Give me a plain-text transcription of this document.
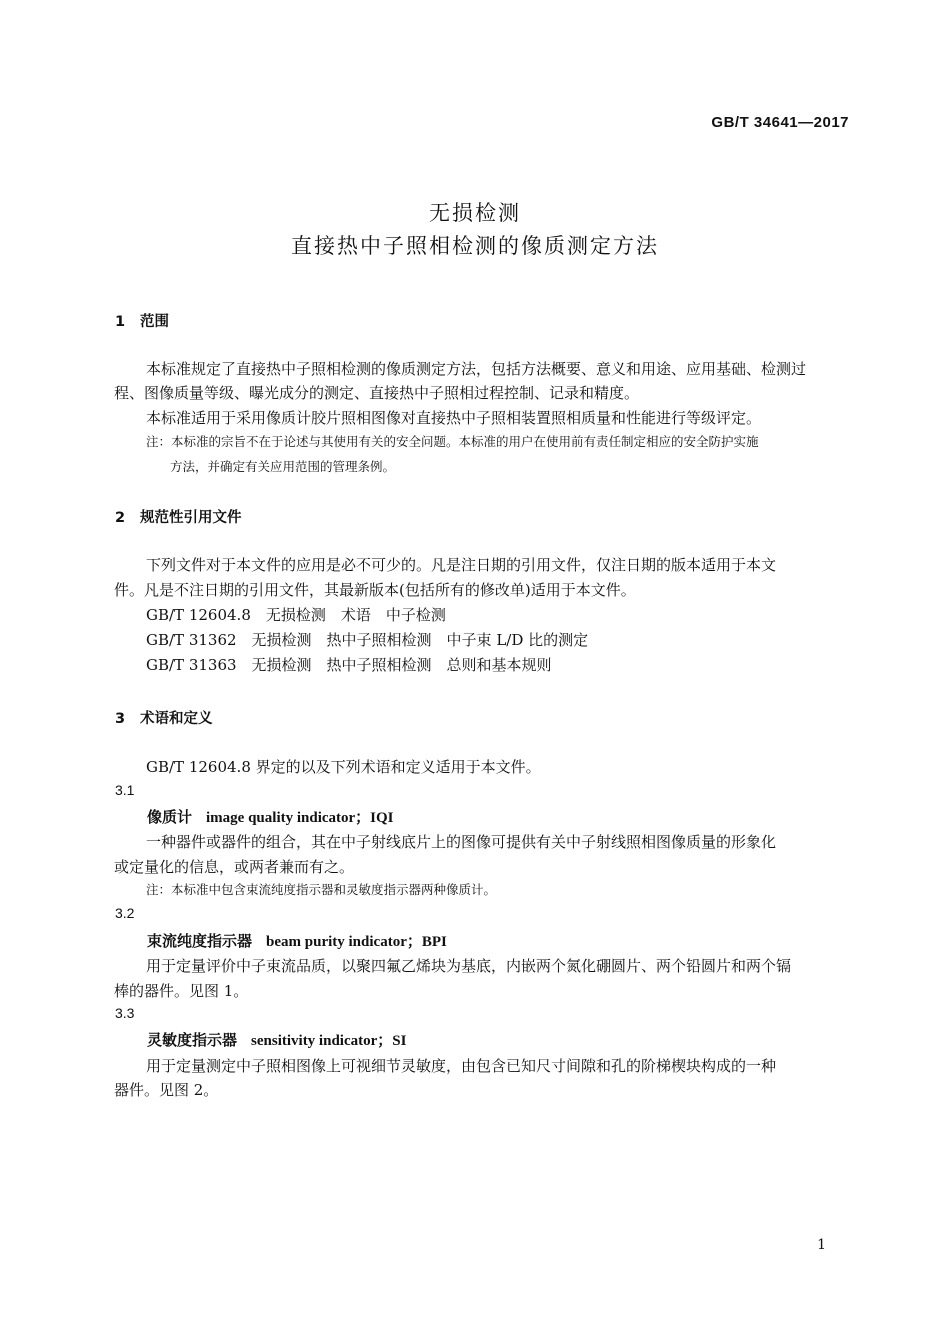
GB/T 34641—2017
无损检测
直接热中子照相检测的像质测定方法
1 范围
本标准规定了直接热中子照相检测的像质测定方法，包括方法概要、意义和用途、应用基础、检测过
程、图像质量等级、曝光成分的测定、直接热中子照相过程控制、记录和精度。
本标准适用于采用像质计胶片照相图像对直接热中子照相装置照相质量和性能进行等级评定。
注：本标准的宗旨不在于论述与其使用有关的安全问题。本标准的用户在使用前有责任制定相应的安全防护实施
方法，并确定有关应用范围的管理条例。
2 规范性引用文件
下列文件对于本文件的应用是必不可少的。凡是注日期的引用文件，仅注日期的版本适用于本文
件。凡是不注日期的引用文件，其最新版本(包括所有的修改单)适用于本文件。
GB/T 12604.8　无损检测　术语　中子检测
GB/T 31362　无损检测　热中子照相检测　中子束 L/D 比的测定
GB/T 31363　无损检测　热中子照相检测　总则和基本规则
3 术语和定义
GB/T 12604.8 界定的以及下列术语和定义适用于本文件。
3.1
像质计 image quality indicator；IQI
一种器件或器件的组合，其在中子射线底片上的图像可提供有关中子射线照相图像质量的形象化
或定量化的信息，或两者兼而有之。
注：本标准中包含束流纯度指示器和灵敏度指示器两种像质计。
3.2
束流纯度指示器 beam purity indicator；BPI
用于定量评价中子束流品质，以聚四氟乙烯块为基底，内嵌两个氮化硼圆片、两个铅圆片和两个镉
棒的器件。见图 1。
3.3
灵敏度指示器 sensitivity indicator；SI
用于定量测定中子照相图像上可视细节灵敏度，由包含已知尺寸间隙和孔的阶梯楔块构成的一种
器件。见图 2。
1
